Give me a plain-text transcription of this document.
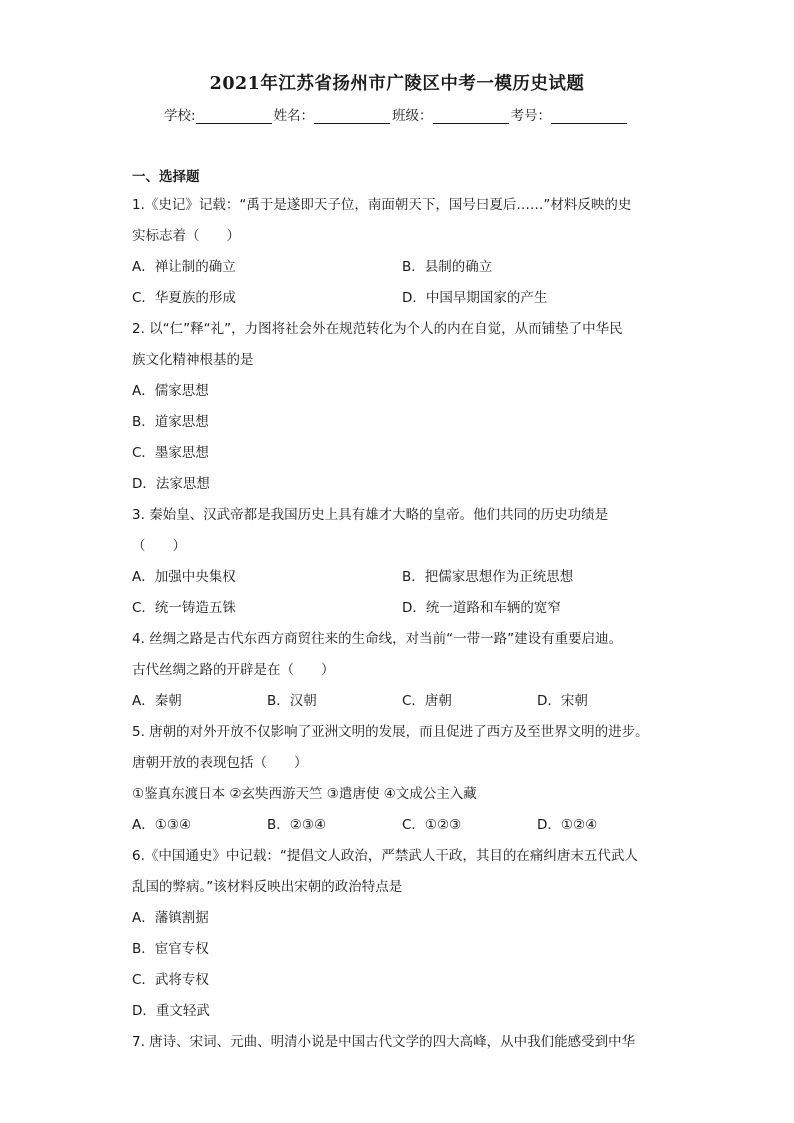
2021年江苏省扬州市广陵区中考一模历史试题
学校:	姓名：	班级：	考号：
一、选择题
1.《史记》记载：“禹于是遂即天子位，南面朝天下，国号曰夏后……”材料反映的史
实标志着（　　）
A．禅让制的确立	B．县制的确立
C．华夏族的形成	D．中国早期国家的产生
2. 以“仁”释“礼”，力图将社会外在规范转化为个人的内在自觉，从而铺垫了中华民
族文化精神根基的是
A．儒家思想
B．道家思想
C．墨家思想
D．法家思想
3. 秦始皇、汉武帝都是我国历史上具有雄才大略的皇帝。他们共同的历史功绩是
（　　）
A．加强中央集权	B．把儒家思想作为正统思想
C．统一铸造五铢	D．统一道路和车辆的宽窄
4. 丝绸之路是古代东西方商贸往来的生命线，对当前“一带一路”建设有重要启迪。
古代丝绸之路的开辟是在（　　）
A．秦朝	B．汉朝	C．唐朝	D．宋朝
5. 唐朝的对外开放不仅影响了亚洲文明的发展，而且促进了西方及至世界文明的进步。
唐朝开放的表现包括（　　）
①鉴真东渡日本 ②玄奘西游天竺 ③遣唐使 ④文成公主入藏
A．①③④	B．②③④	C．①②③	D．①②④
6.《中国通史》中记载：“提倡文人政治，严禁武人干政，其目的在痛纠唐末五代武人
乱国的弊病。”该材料反映出宋朝的政治特点是
A．藩镇割据
B．宦官专权
C．武将专权
D．重文轻武
7. 唐诗、宋词、元曲、明清小说是中国古代文学的四大高峰，从中我们能感受到中华
